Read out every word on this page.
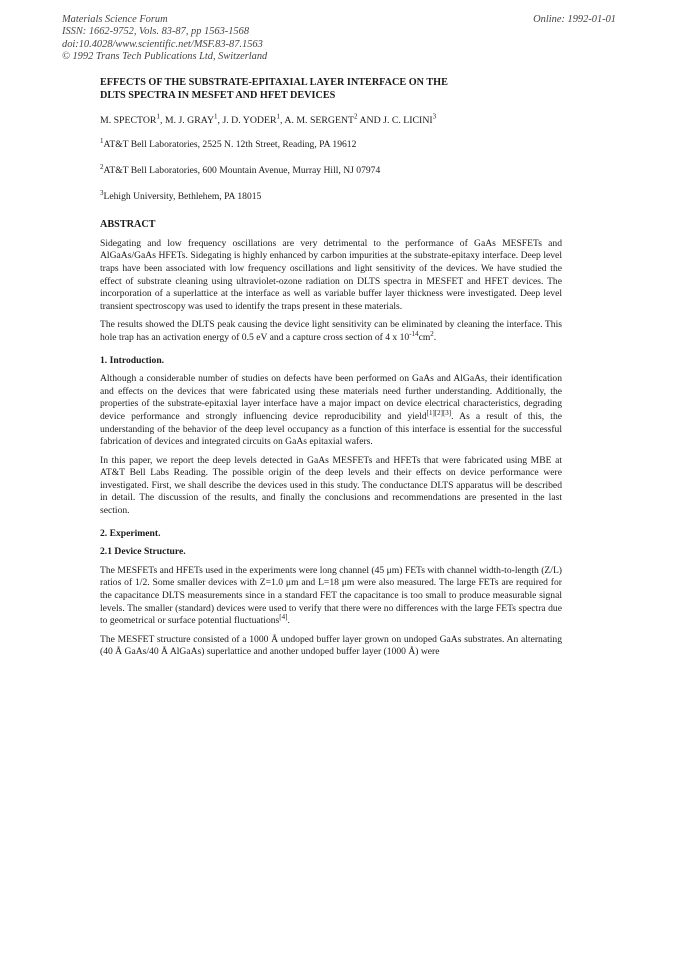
Materials Science Forum
ISSN: 1662-9752, Vols. 83-87, pp 1563-1568
doi:10.4028/www.scientific.net/MSF.83-87.1563
© 1992 Trans Tech Publications Ltd, Switzerland
Online: 1992-01-01
EFFECTS OF THE SUBSTRATE-EPITAXIAL LAYER INTERFACE ON THE
DLTS SPECTRA IN MESFET AND HFET DEVICES
M. SPECTOR$^1$, M. J. GRAY$^1$, J. D. YODER$^1$, A. M. SERGENT$^2$ AND J. C. LICINI$^3$
$^1$AT&T Bell Laboratories, 2525 N. 12th Street, Reading, PA 19612
$^2$AT&T Bell Laboratories, 600 Mountain Avenue, Murray Hill, NJ 07974
$^3$Lehigh University, Bethlehem, PA 18015
ABSTRACT

Sidegating and low frequency oscillations are very detrimental to the performance of GaAs MESFETs and AlGaAs/GaAs HFETs. Sidegating is highly enhanced by carbon impurities at the substrate-epitaxy interface. Deep level traps have been associated with low frequency oscillations and light sensitivity of the devices. We have studied the effect of substrate cleaning using ultraviolet-ozone radiation on DLTS spectra in MESFET and HFET devices. The incorporation of a superlattice at the interface as well as variable buffer layer thickness were investigated. Deep level transient spectroscopy was used to identify the traps present in these materials.

The results showed the DLTS peak causing the device light sensitivity can be eliminated by cleaning the interface. This hole trap has an activation energy of 0.5 eV and a capture cross section of 4 x $10^{-14}cm^2$.

1. Introduction.

Although a considerable number of studies on defects have been performed on GaAs and AlGaAs, their identification and effects on the devices that were fabricated using these materials need further understanding. Additionally, the properties of the substrate-epitaxial layer interface have a major impact on device electrical characteristics, degrading device performance and strongly influencing device reproducibility and yield[1][2][3]. As a result of this, the understanding of the behavior of the deep level occupancy as a function of this interface is essential for the successful fabrication of devices and integrated circuits on GaAs epitaxial wafers.

In this paper, we report the deep levels detected in GaAs MESFETs and HFETs that were fabricated using MBE at AT&T Bell Labs Reading. The possible origin of the deep levels and their effects on device performance were investigated. First, we shall describe the devices used in this study. The conductance DLTS apparatus will be described in detail. The discussion of the results, and finally the conclusions and recommendations are presented in the last section.

2. Experiment.
2.1 Device Structure.

The MESFETs and HFETs used in the experiments were long channel (45 μm) FETs with channel width-to-length (Z/L) ratios of 1/2. Some smaller devices with Z=1.0 μm and L=18 μm were also measured. The large FETs are required for the capacitance DLTS measurements since in a standard FET the capacitance is too small to produce measurable signal levels. The smaller (standard) devices were used to verify that there were no differences with the large FETs spectra due to geometrical or surface potential fluctuations[4].

The MESFET structure consisted of a 1000 Å undoped buffer layer grown on undoped GaAs substrates. An alternating (40 Å GaAs/40 Å AlGaAs) superlattice and another undoped buffer layer (1000 Å) were
